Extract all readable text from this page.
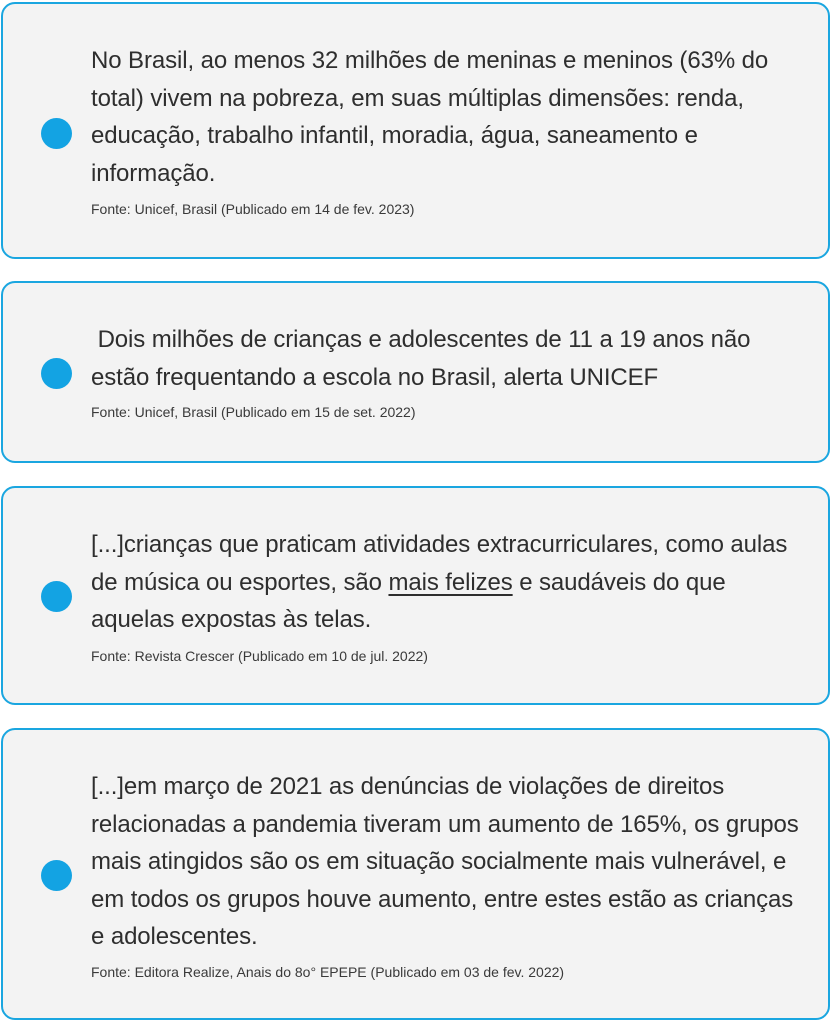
No Brasil, ao menos 32 milhões de meninas e meninos (63% do total) vivem na pobreza, em suas múltiplas dimensões: renda, educação, trabalho infantil, moradia, água, saneamento e informação.

Fonte: Unicef, Brasil (Publicado em 14 de fev. 2023)

Dois milhões de crianças e adolescentes de 11 a 19 anos não estão frequentando a escola no Brasil, alerta UNICEF

Fonte: Unicef, Brasil (Publicado em 15 de set. 2022)

[...]crianças que praticam atividades extracurriculares, como aulas de música ou esportes, são mais felizes e saudáveis do que aquelas expostas às telas.

Fonte: Revista Crescer (Publicado em 10 de jul. 2022)

[...]em março de 2021 as denúncias de violações de direitos relacionadas a pandemia tiveram um aumento de 165%, os grupos mais atingidos são os em situação socialmente mais vulnerável, e em todos os grupos houve aumento, entre estes estão as crianças e adolescentes.

Fonte: Editora Realize, Anais do 8o° EPEPE (Publicado em 03 de fev. 2022)
